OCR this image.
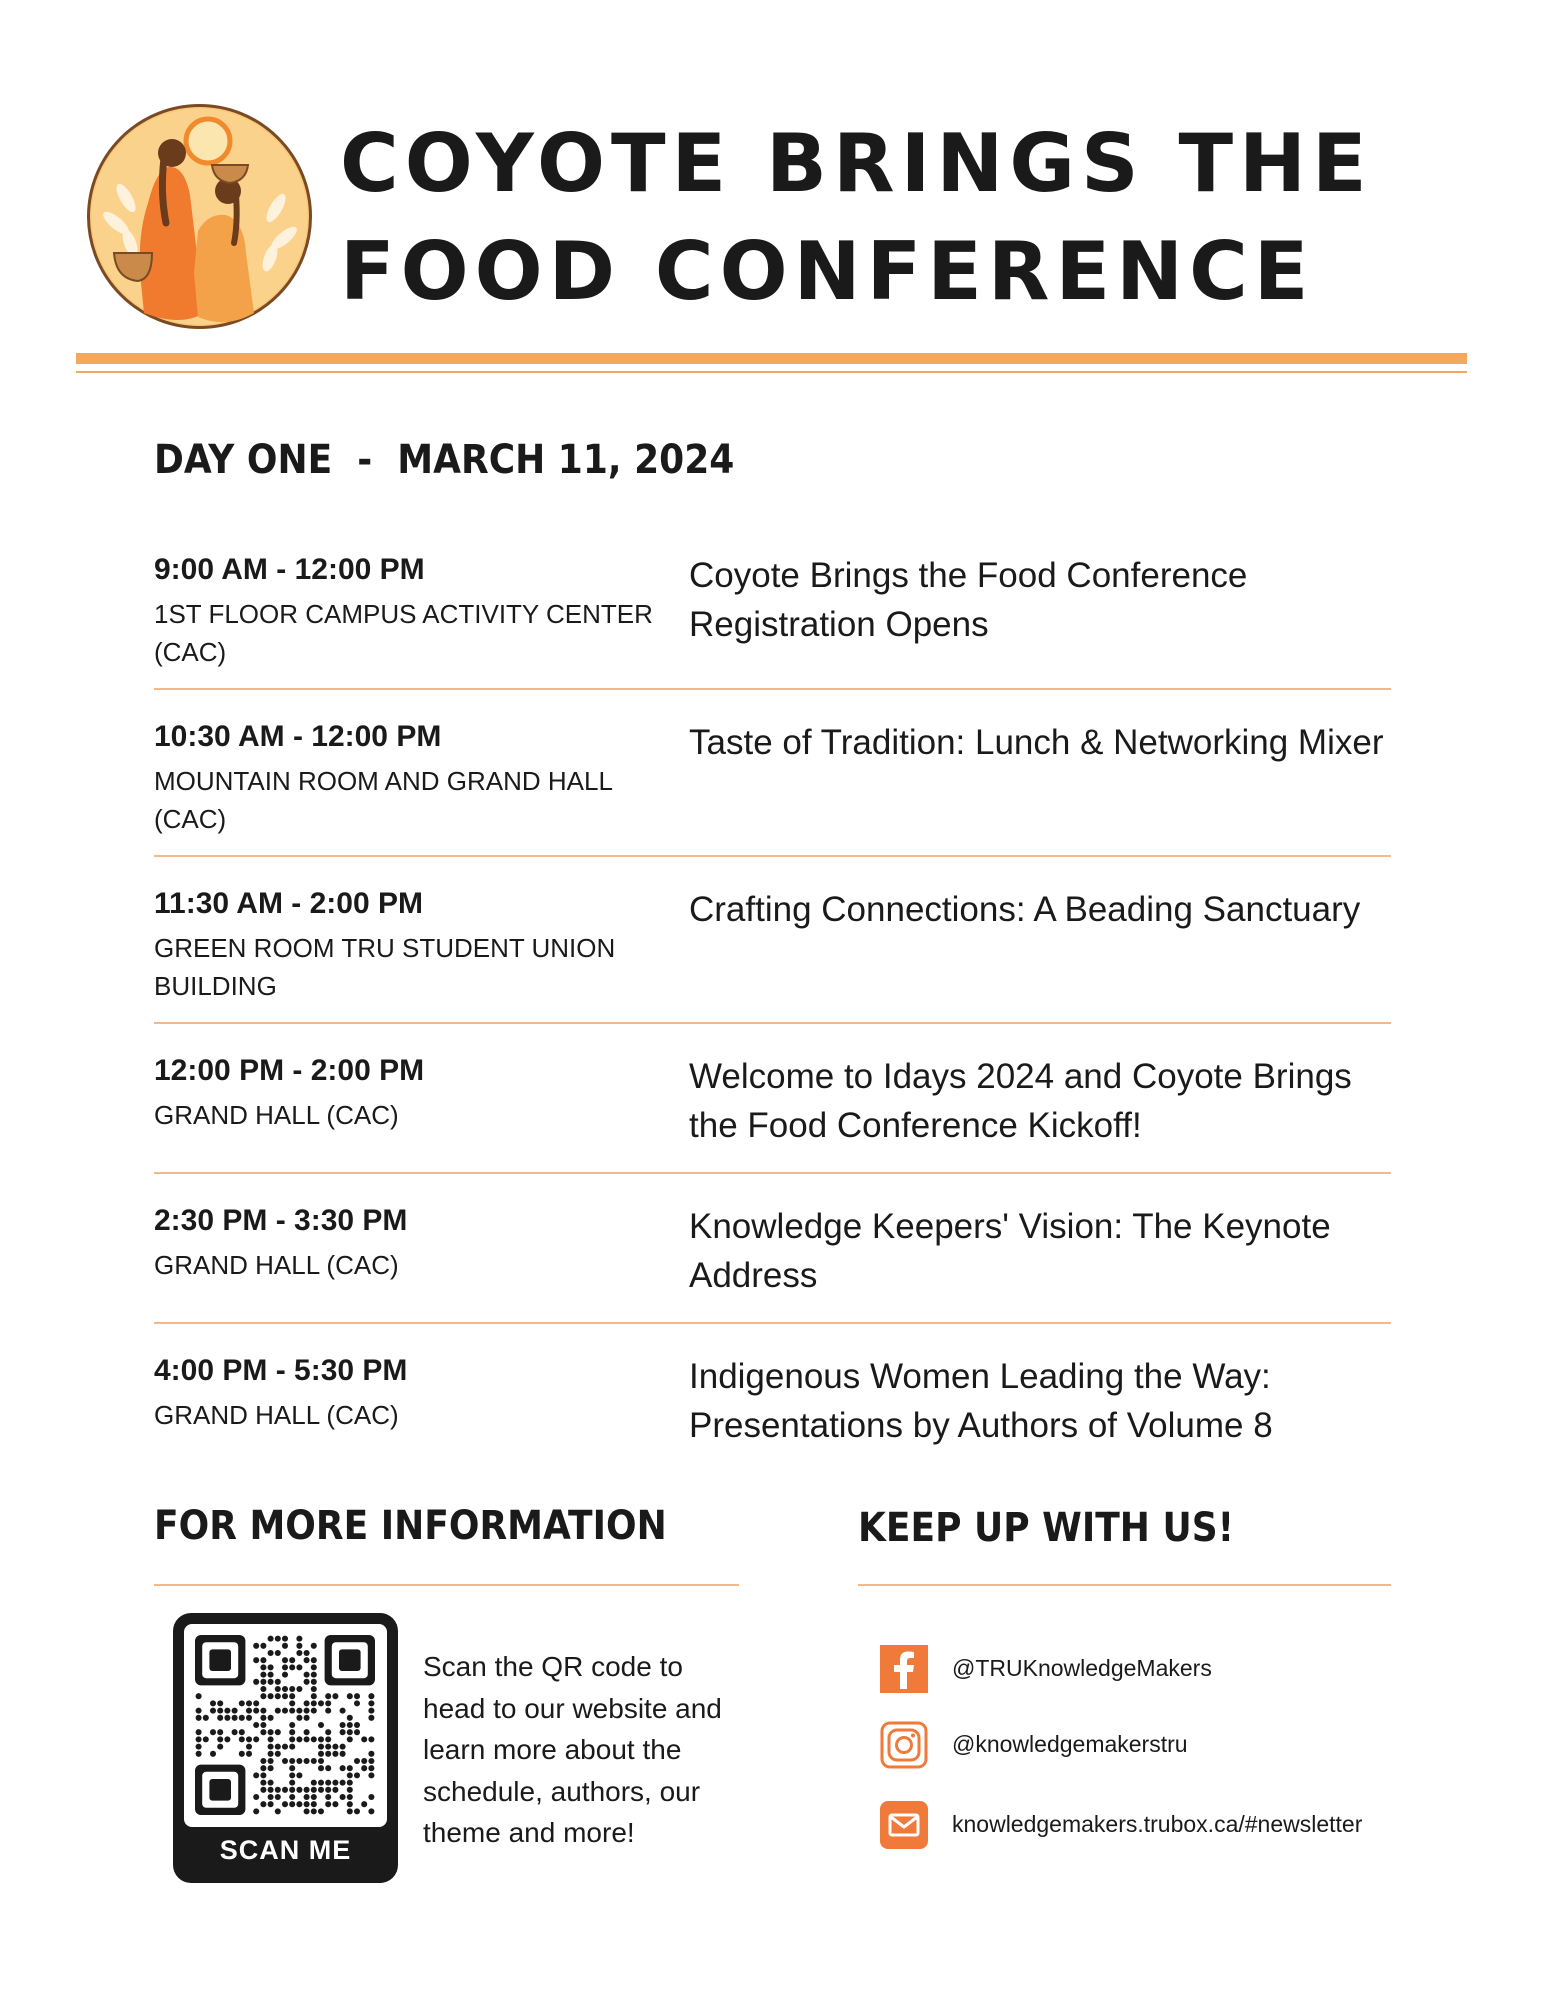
COYOTE BRINGS THE FOOD CONFERENCE
DAY ONE  -  MARCH 11, 2024
9:00 AM - 12:00 PM
1ST FLOOR CAMPUS ACTIVITY CENTER (CAC)
Coyote Brings the Food Conference Registration Opens
10:30 AM - 12:00 PM
MOUNTAIN ROOM AND GRAND HALL (CAC)
Taste of Tradition: Lunch & Networking Mixer
11:30 AM - 2:00 PM
GREEN ROOM TRU STUDENT UNION BUILDING
Crafting Connections: A Beading Sanctuary
12:00 PM - 2:00 PM
GRAND HALL (CAC)
Welcome to Idays 2024 and Coyote Brings the Food Conference Kickoff!
2:30 PM - 3:30 PM
GRAND HALL (CAC)
Knowledge Keepers' Vision: The Keynote Address
4:00 PM - 5:30 PM
GRAND HALL (CAC)
Indigenous Women Leading the Way: Presentations by Authors of Volume 8
FOR MORE INFORMATION
SCAN ME
Scan the QR code to head to our website and learn more about the schedule, authors, our theme and more!
KEEP UP WITH US!
@TRUKnowledgeMakers
@knowledgemakerstru
knowledgemakers.trubox.ca/#newsletter
